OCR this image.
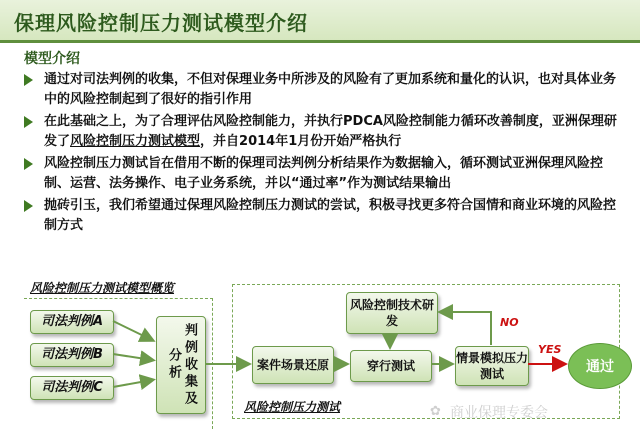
保理风险控制压力测试模型介绍
模型介绍
通过对司法判例的收集，不但对保理业务中所涉及的风险有了更加系统和量化的认识，也对具体业务中的风险控制起到了很好的指引作用
在此基础之上，为了合理评估风险控制能力，并执行PDCA风险控制能力循环改善制度，亚洲保理研发了风险控制压力测试模型，并自2014年1月份开始严格执行
风险控制压力测试旨在借用不断的保理司法判例分析结果作为数据输入，循环测试亚洲保理风险控制、运营、法务操作、电子业务系统，并以“通过率”作为测试结果输出
抛砖引玉，我们希望通过保理风险控制压力测试的尝试，积极寻找更多符合国情和商业环境的风险控制方式
风险控制压力测试模型概览
司法判例A
司法判例B
司法判例C	判例收集及分析
风险控制技术研发
案件场景还原	穿行测试
情景模拟压力测试
NO
YES
通过
风险控制压力测试	✿ 商业保理专委会
